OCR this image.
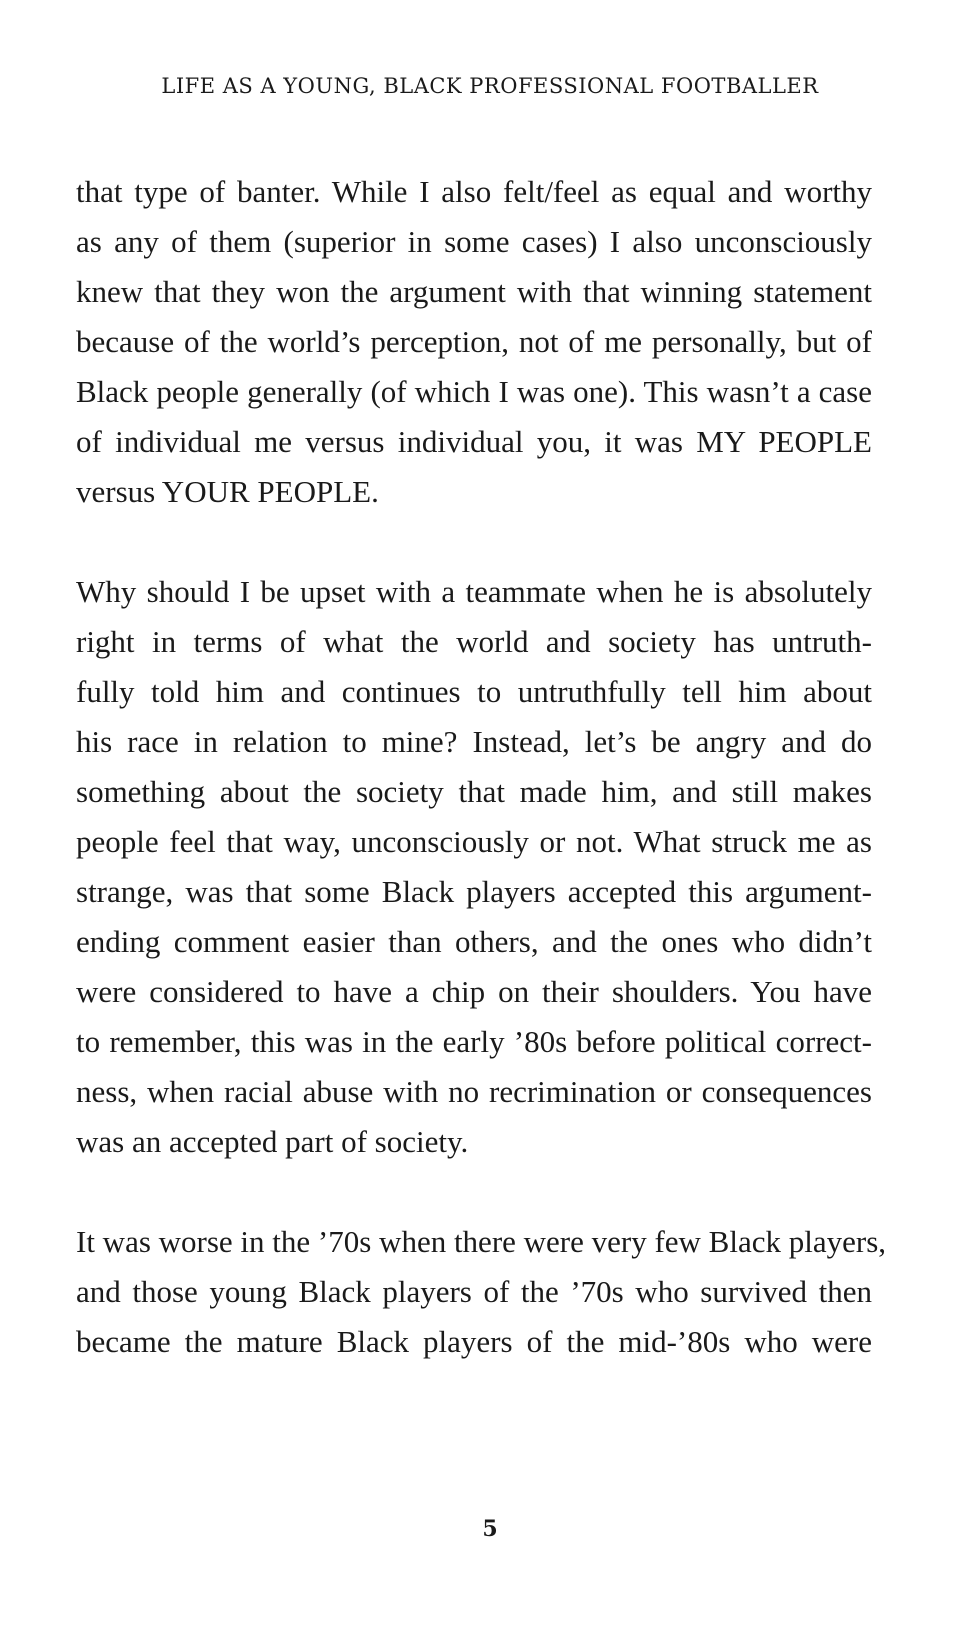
LIFE AS A YOUNG, BLACK PROFESSIONAL FOOTBALLER
that type of banter. While I also felt/feel as equal and worthy
as any of them (superior in some cases) I also unconsciously
knew that they won the argument with that winning statement
because of the world’s perception, not of me personally, but of
Black people generally (of which I was one). This wasn’t a case
of individual me versus individual you, it was MY PEOPLE
versus YOUR PEOPLE.
Why should I be upset with a teammate when he is absolutely
right in terms of what the world and society has untruth-
fully told him and continues to untruthfully tell him about
his race in relation to mine? Instead, let’s be angry and do
something about the society that made him, and still makes
people feel that way, unconsciously or not. What struck me as
strange, was that some Black players accepted this argument-
ending comment easier than others, and the ones who didn’t
were considered to have a chip on their shoulders. You have
to remember, this was in the early ’80s before political correct-
ness, when racial abuse with no recrimination or consequences
was an accepted part of society.
It was worse in the ’70s when there were very few Black players,
and those young Black players of the ’70s who survived then
became the mature Black players of the mid-’80s who were
5
